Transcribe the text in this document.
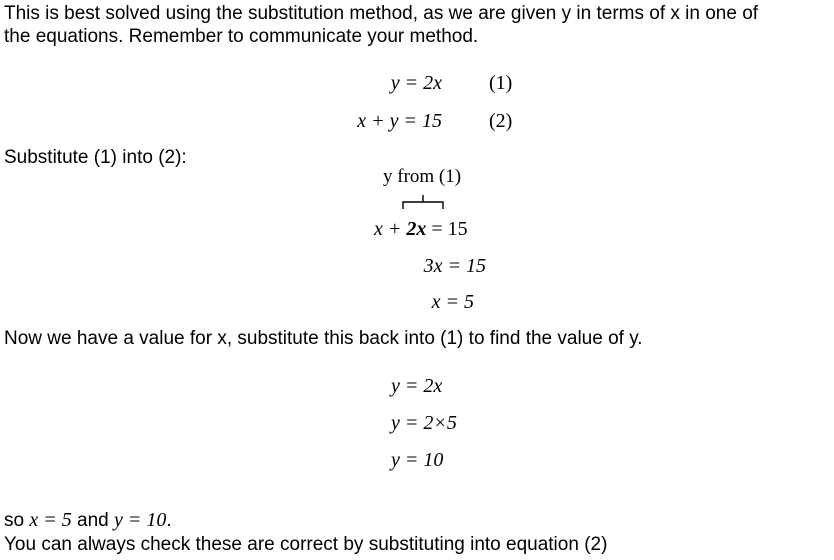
This is best solved using the substitution method, as we are given y in terms of x in one of
the equations. Remember to communicate your method.
y = 2x (1)
x + y = 15 (2)
Substitute (1) into (2):
y from (1)
x + 2x = 15
3x = 15
x = 5
Now we have a value for x, substitute this back into (1) to find the value of y.
y = 2x
y = 2×5
y = 10
so x = 5 and y = 10.
You can always check these are correct by substituting into equation (2)
